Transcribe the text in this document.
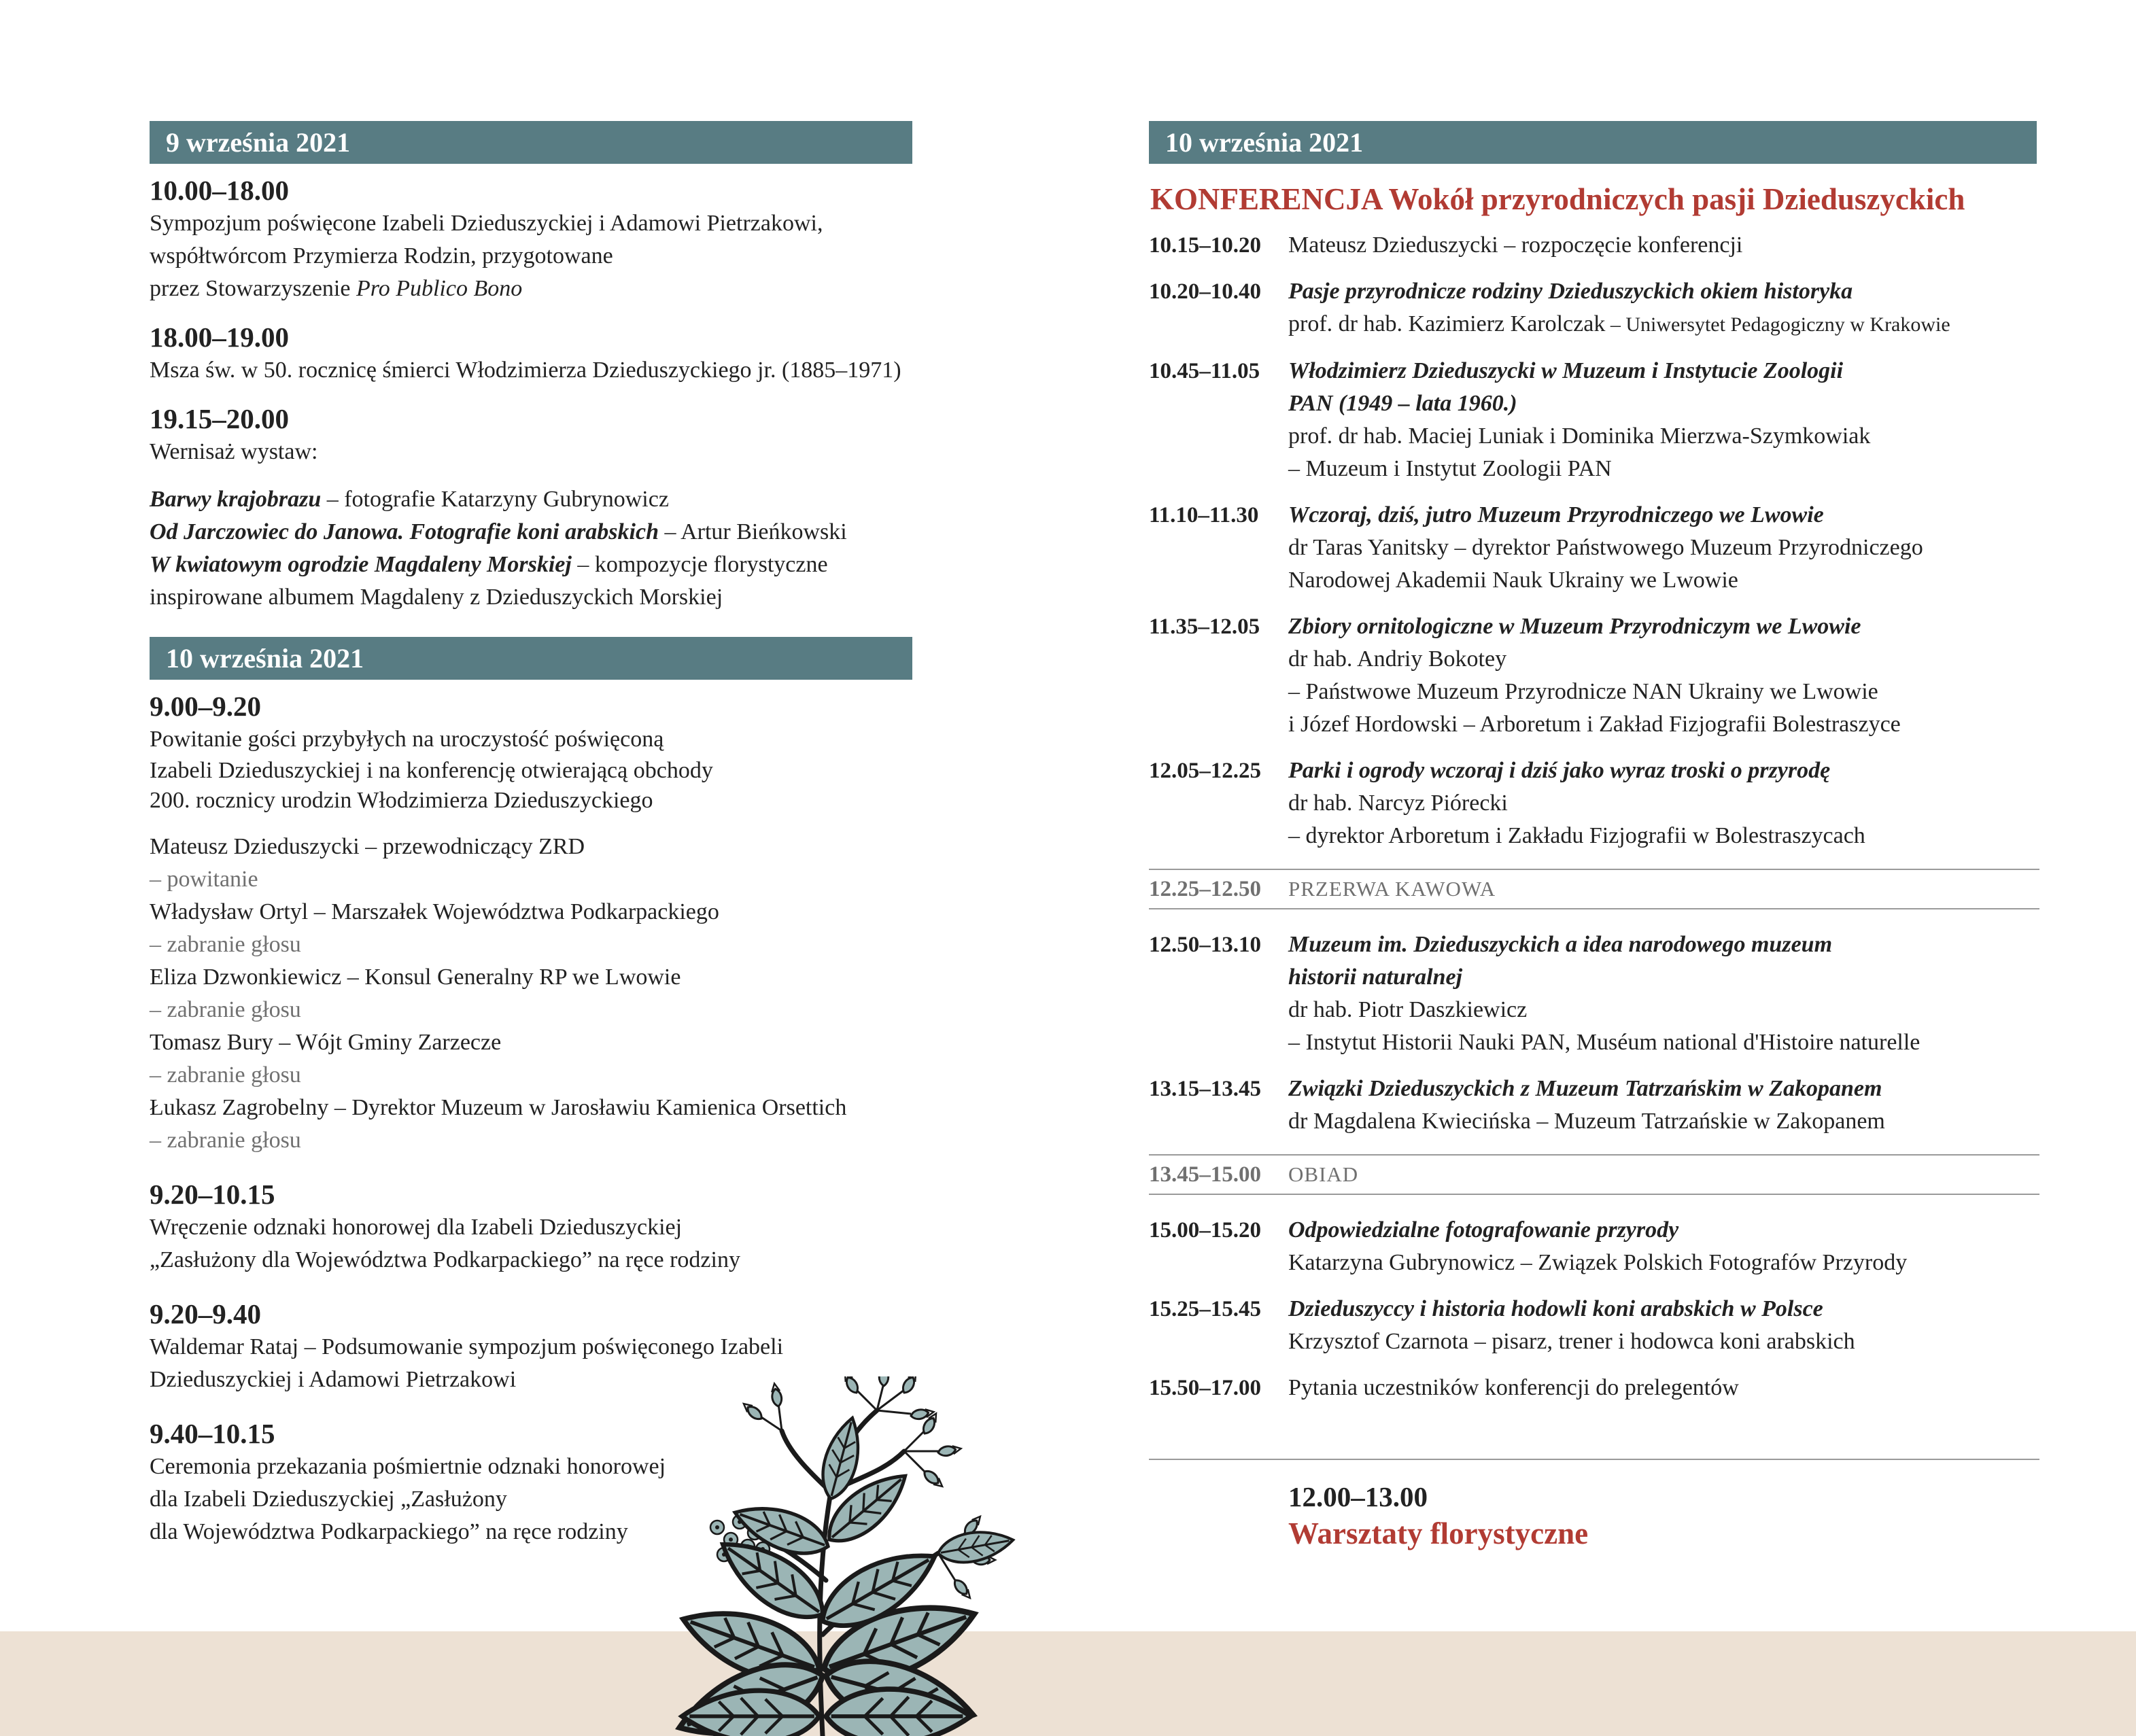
9 września 2021

10.00–18.00

Sympozjum poświęcone Izabeli Dzieduszyckiej i Adamowi Pietrzakowi,

współtwórcom Przymierza Rodzin, przygotowane

przez Stowarzyszenie Pro Publico Bono

18.00–19.00

Msza św. w 50. rocznicę śmierci Włodzimierza Dzieduszyckiego jr. (1885–1971)

19.15–20.00

Wernisaż wystaw:

Barwy krajobrazu – fotografie Katarzyny Gubrynowicz

Od Jarczowiec do Janowa. Fotografie koni arabskich – Artur Bieńkowski

W kwiatowym ogrodzie Magdaleny Morskiej – kompozycje florystyczne

inspirowane albumem Magdaleny z Dzieduszyckich Morskiej

10 września 2021

9.00–9.20

Powitanie gości przybyłych na uroczystość poświęconą

Izabeli Dzieduszyckiej i na konferencję otwierającą obchody

200. rocznicy urodzin Włodzimierza Dzieduszyckiego

Mateusz Dzieduszycki – przewodniczący ZRD

– powitanie

Władysław Ortyl – Marszałek Województwa Podkarpackiego

– zabranie głosu

Eliza Dzwonkiewicz – Konsul Generalny RP we Lwowie

– zabranie głosu

Tomasz Bury – Wójt Gminy Zarzecze

– zabranie głosu

Łukasz Zagrobelny – Dyrektor Muzeum w Jarosławiu Kamienica Orsettich

– zabranie głosu

9.20–10.15

Wręczenie odznaki honorowej dla Izabeli Dzieduszyckiej

„Zasłużony dla Województwa Podkarpackiego” na ręce rodziny

9.20–9.40

Waldemar Rataj – Podsumowanie sympozjum poświęconego Izabeli

Dzieduszyckiej i Adamowi Pietrzakowi

9.40–10.15

Ceremonia przekazania pośmiertnie odznaki honorowej

dla Izabeli Dzieduszyckiej „Zasłużony

dla Województwa Podkarpackiego” na ręce rodziny

10 września 2021

KONFERENCJA Wokół przyrodniczych pasji Dzieduszyckich

10.15–10.20 Mateusz Dzieduszycki – rozpoczęcie konferencji

10.20–10.40 Pasje przyrodnicze rodziny Dzieduszyckich okiem historyka

prof. dr hab. Kazimierz Karolczak – Uniwersytet Pedagogiczny w Krakowie

10.45–11.05 Włodzimierz Dzieduszycki w Muzeum i Instytucie Zoologii

PAN (1949 – lata 1960.)

prof. dr hab. Maciej Luniak i Dominika Mierzwa-Szymkowiak

– Muzeum i Instytut Zoologii PAN

11.10–11.30 Wczoraj, dziś, jutro Muzeum Przyrodniczego we Lwowie

dr Taras Yanitsky – dyrektor Państwowego Muzeum Przyrodniczego

Narodowej Akademii Nauk Ukrainy we Lwowie

11.35–12.05 Zbiory ornitologiczne w Muzeum Przyrodniczym we Lwowie

dr hab. Andriy Bokotey

– Państwowe Muzeum Przyrodnicze NAN Ukrainy we Lwowie

i Józef Hordowski – Arboretum i Zakład Fizjografii Bolestraszyce

12.05–12.25 Parki i ogrody wczoraj i dziś jako wyraz troski o przyrodę

dr hab. Narcyz Piórecki

– dyrektor Arboretum i Zakładu Fizjografii w Bolestraszycach

12.25–12.50 PRZERWA KAWOWA
12.50–13.10 Muzeum im. Dzieduszyckich a idea narodowego muzeum

historii naturalnej

dr hab. Piotr Daszkiewicz

– Instytut Historii Nauki PAN, Muséum national d'Histoire naturelle

13.15–13.45 Związki Dzieduszyckich z Muzeum Tatrzańskim w Zakopanem

dr Magdalena Kwiecińska – Muzeum Tatrzańskie w Zakopanem

13.45–15.00 OBIAD
15.00–15.20 Odpowiedzialne fotografowanie przyrody

Katarzyna Gubrynowicz – Związek Polskich Fotografów Przyrody

15.25–15.45 Dzieduszyccy i historia hodowli koni arabskich w Polsce

Krzysztof Czarnota – pisarz, trener i hodowca koni arabskich

15.50–17.00 Pytania uczestników konferencji do prelegentów

12.00–13.00
Warsztaty florystyczne
